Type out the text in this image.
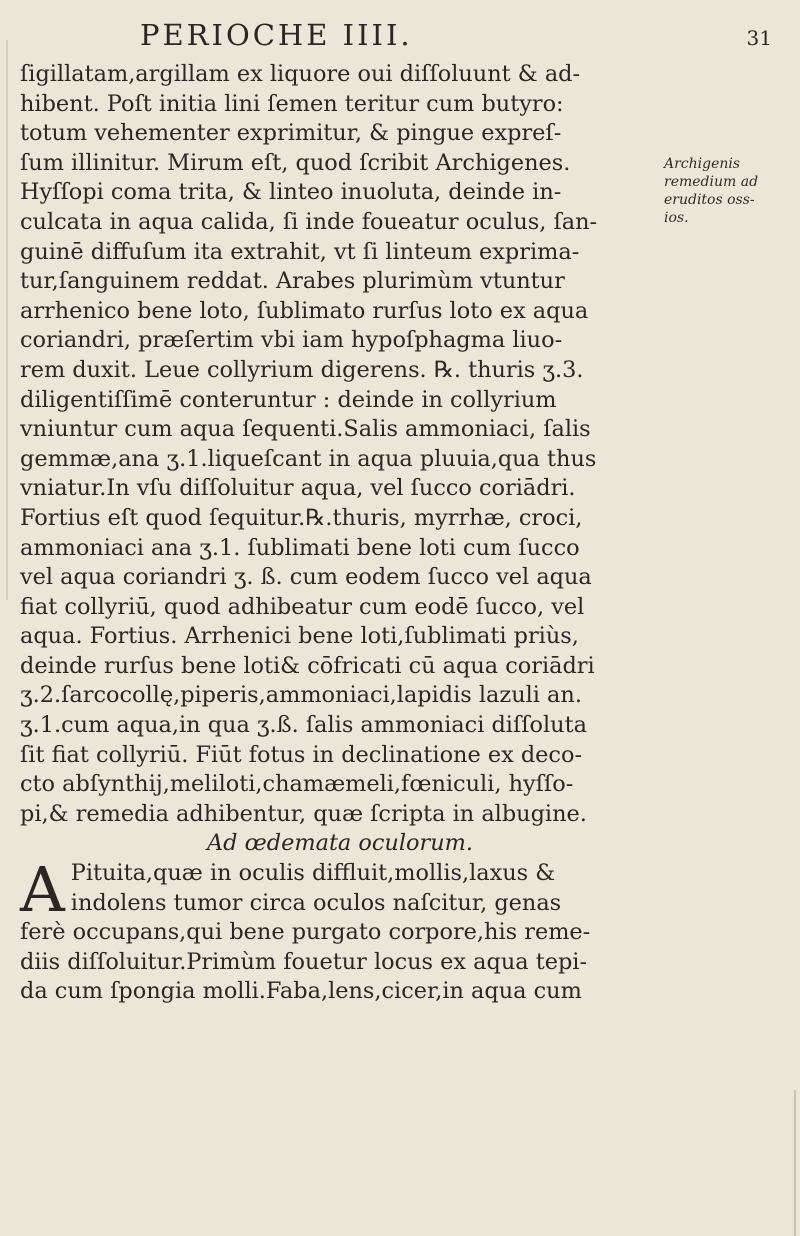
PERIOCHE IIII.	31
Archigenis
remedium ad
eruditos oss-
ios.
ſigillatam,argillam ex liquore oui diſſoluunt & ad-
hibent. Poſt initia lini ſemen teritur cum butyro:
totum vehementer exprimitur, & pingue expreſ-
ſum illinitur. Mirum eſt, quod ſcribit Archigenes.
Hyſſopi coma trita, & linteo inuoluta, deinde in-
culcata in aqua calida, ſi inde foueatur oculus, ſan-
guinē diffuſum ita extrahit, vt ſi linteum exprima-
tur,ſanguinem reddat. Arabes plurimùm vtuntur
arrhenico bene loto, ſublimato rurſus loto ex aqua
coriandri, præſertim vbi iam hypoſphagma liuo-
rem duxit. Leue collyrium digerens. ℞. thuris ʒ.3.
diligentiſſimē conteruntur : deinde in collyrium
vniuntur cum aqua ſequenti.Salis ammoniaci, ſalis
gemmæ,ana ʒ.1.liqueſcant in aqua pluuia,qua thus
vniatur.In vſu diſſoluitur aqua, vel ſucco coriādri.
Fortius eſt quod ſequitur.℞.thuris, myrrhæ, croci,
ammoniaci ana ʒ.1. ſublimati bene loti cum ſucco
vel aqua coriandri ʒ. ß. cum eodem ſucco vel aqua
fiat collyriū, quod adhibeatur cum eodē ſucco, vel
aqua. Fortius. Arrhenici bene loti,ſublimati priùs,
deinde rurſus bene loti& cōfricati cū aqua coriādri
ʒ.2.ſarcocollę,piperis,ammoniaci,lapidis lazuli an.
ʒ.1.cum aqua,in qua ʒ.ß. ſalis ammoniaci diſſoluta
ſit fiat collyriū. Fiūt fotus in declinatione ex deco-
cto abſynthij,meliloti,chamæmeli,fœniculi, hyſſo-
pi,& remedia adhibentur, quæ ſcripta in albugine.
Ad œdemata oculorum.
A Pituita,quæ in oculis diffluit,mollis,laxus &
indolens tumor circa oculos naſcitur, genas
ferè occupans,qui bene purgato corpore,his reme-
diis diſſoluitur.Primùm fouetur locus ex aqua tepi-
da cum ſpongia molli.Faba,lens,cicer,in aqua cum
